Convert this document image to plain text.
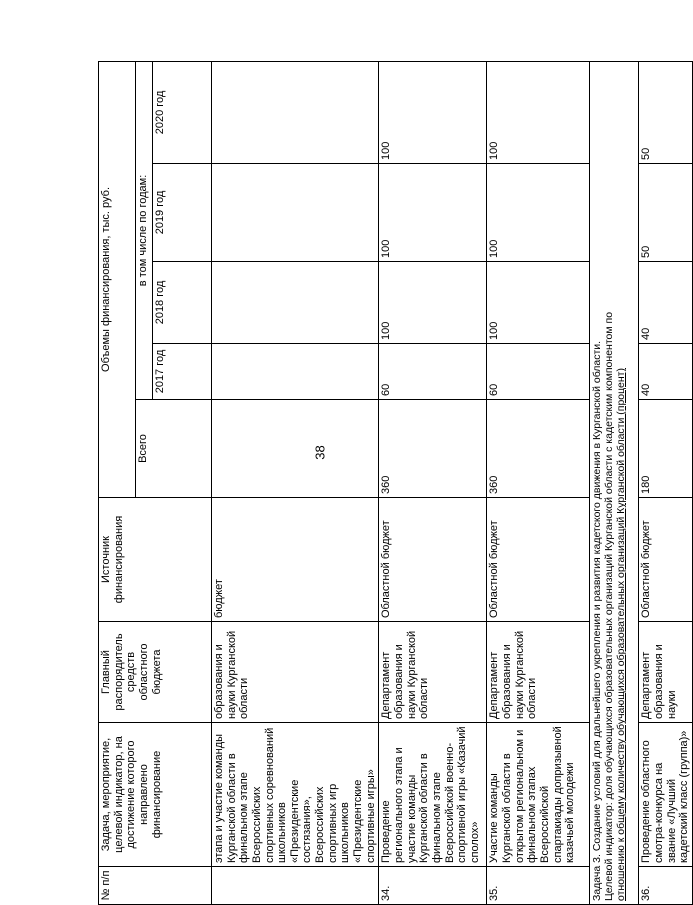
38
№ п/п	Задача, мероприятие, целевой индикатор, на достижение которого направлено финансирование	Главный распорядитель средств областного бюджета	Источник финансирования	Объемы финансирования, тыс. руб.				
				Всего	в том числе по годам:			
					2017 год	2018 год	2019 год	2020 год
	этапа и участие команды Курганской области в финальном этапе Всероссийских спортивных соревнований школьников «Президентские состязания», Всероссийских спортивных игр школьников «Президентские спортивные игры»	образования и науки Курганской области	бюджет					
34.	Проведение регионального этапа и участие команды Курганской области в финальном этапе Всероссийской военно-спортивной игры «Казачий сполох»	Департамент образования и науки Курганской области	Областной бюджет	360	60	100	100	100
35.	Участие команды Курганской области в открытом региональном и финальном этапах Всероссийской спартакиады допризывной казачьей молодежи	Департамент образования и науки Курганской области	Областной бюджет	360	60	100	100	100

Задача 3. Создание условий для дальнейшего укрепления и развития кадетского движения в Курганской области. Целевой индикатор: доля обучающихся образовательных организаций Курганской области с кадетским компонентом по отношению к общему количеству обучающихся образовательных организаций Курганской области (процент)								

36.	Проведение областного смотра-конкурса на звание «Лучший кадетский класс (группа)»	Департамент образования и науки	Областной бюджет	180	40	40	50	50
